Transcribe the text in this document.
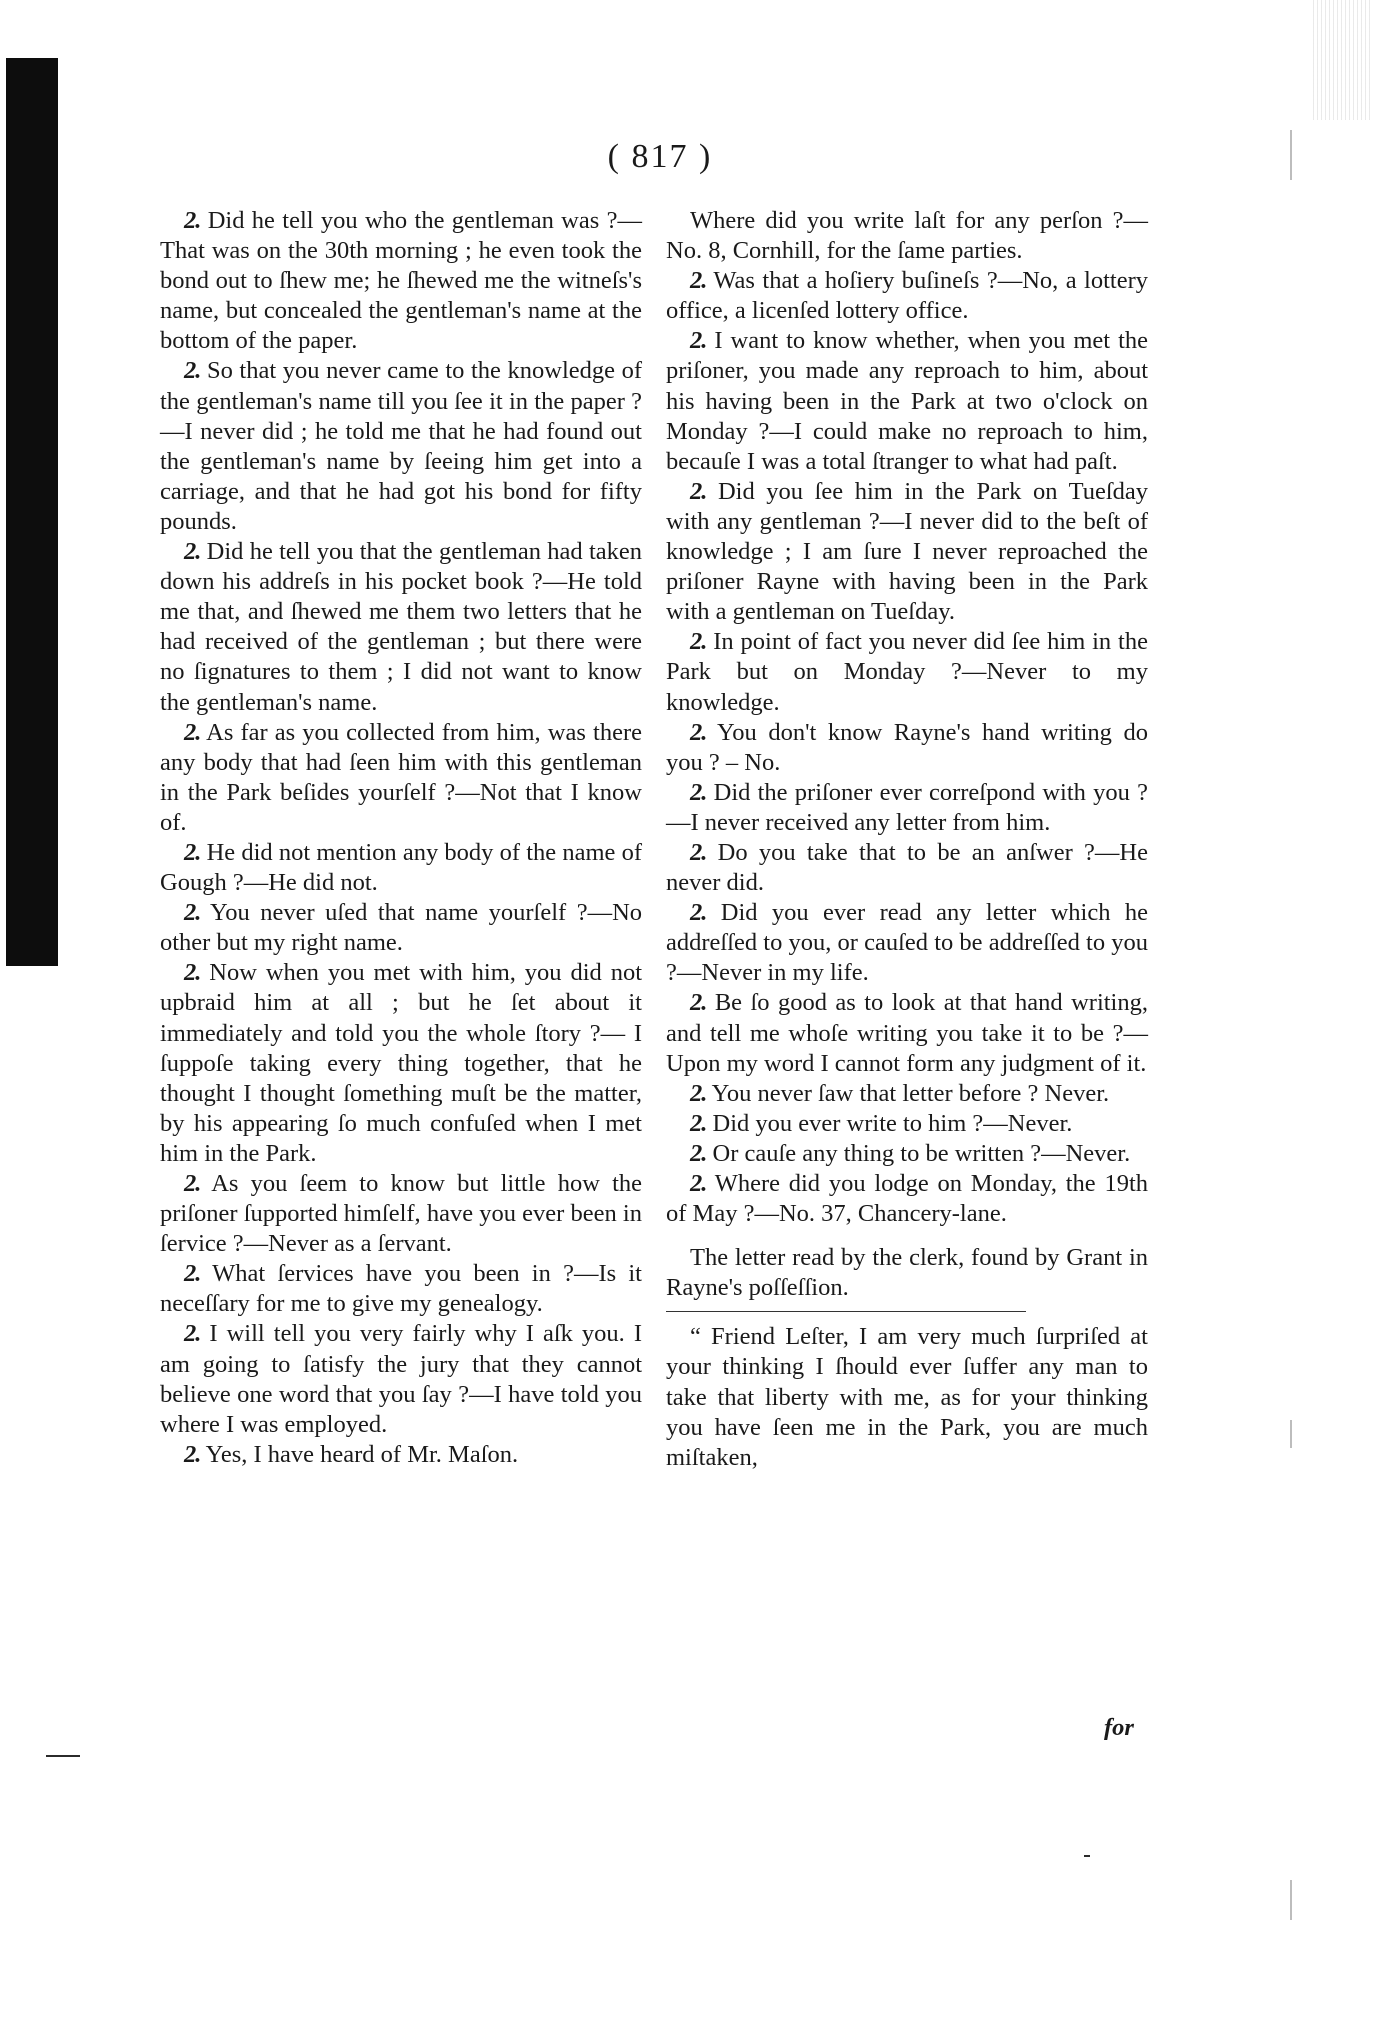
( 817 )

2. Did he tell you who the gentleman was ?—That was on the 30th morning ; he even took the bond out to ſhew me; he ſhewed me the witneſs's name, but concealed the gentleman's name at the bottom of the paper.

2. So that you never came to the knowledge of the gentleman's name till you ſee it in the paper ?—I never did ; he told me that he had found out the gentleman's name by ſeeing him get into a carriage, and that he had got his bond for fifty pounds.

2. Did he tell you that the gentleman had taken down his addreſs in his pocket book ?—He told me that, and ſhewed me them two letters that he had received of the gentleman ; but there were no ſignatures to them ; I did not want to know the gentleman's name.

2. As far as you collected from him, was there any body that had ſeen him with this gentleman in the Park beſides yourſelf ?—Not that I know of.

2. He did not mention any body of the name of Gough ?—He did not.

2. You never uſed that name yourſelf ?—No other but my right name.

2. Now when you met with him, you did not upbraid him at all ; but he ſet about it immediately and told you the whole ſtory ?— I ſuppoſe taking every thing together, that he thought I thought ſomething muſt be the matter, by his appearing ſo much confuſed when I met him in the Park.

2. As you ſeem to know but little how the priſoner ſupported himſelf, have you ever been in ſervice ?—Never as a ſervant.

2. What ſervices have you been in ?—Is it neceſſary for me to give my genealogy.

2. I will tell you very fairly why I aſk you. I am going to ſatisfy the jury that they cannot believe one word that you ſay ?—I have told you where I was employed.

2. Yes, I have heard of Mr. Maſon.

Where did you write laſt for any perſon ?—No. 8, Cornhill, for the ſame parties.

2. Was that a hoſiery buſineſs ?—No, a lottery office, a licenſed lottery office.

2. I want to know whether, when you met the priſoner, you made any reproach to him, about his having been in the Park at two o'clock on Monday ?—I could make no reproach to him, becauſe I was a total ſtranger to what had paſt.

2. Did you ſee him in the Park on Tueſday with any gentleman ?—I never did to the beſt of knowledge ; I am ſure I never reproached the priſoner Rayne with having been in the Park with a gentleman on Tueſday.

2. In point of fact you never did ſee him in the Park but on Monday ?—Never to my knowledge.

2. You don't know Rayne's hand writing do you ? – No.

2. Did the priſoner ever correſpond with you ?—I never received any letter from him.

2. Do you take that to be an anſwer ?—He never did.

2. Did you ever read any letter which he addreſſed to you, or cauſed to be addreſſed to you ?—Never in my life.

2. Be ſo good as to look at that hand writing, and tell me whoſe writing you take it to be ?—Upon my word I cannot form any judgment of it.

2. You never ſaw that letter before ? Never.

2. Did you ever write to him ?—Never.

2. Or cauſe any thing to be written ?—Never.

2. Where did you lodge on Monday, the 19th of May ?—No. 37, Chancery-lane.

The letter read by the clerk, found by Grant in Rayne's poſſeſſion.

“ Friend Leſter, I am very much ſurpriſed at your thinking I ſhould ever ſuffer any man to take that liberty with me, as for your thinking you have ſeen me in the Park, you are much miſtaken,

for
